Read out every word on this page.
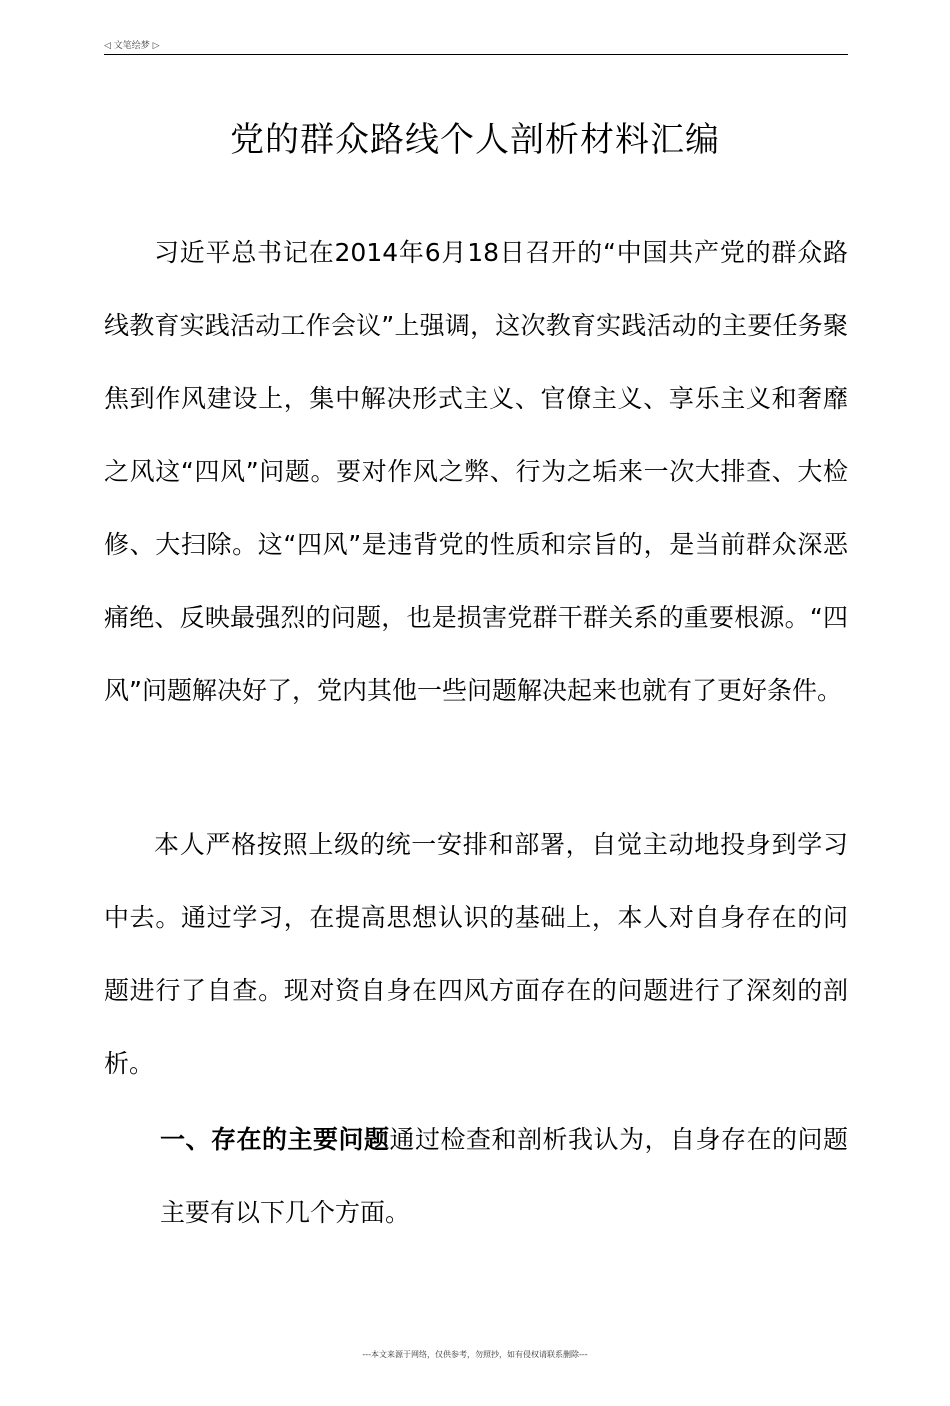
◁ 文笔绘梦 ▷
党的群众路线个人剖析材料汇编

习近平总书记在2014年6月18日召开的“中国共产党的群众路线教育实践活动工作会议”上强调，这次教育实践活动的主要任务聚焦到作风建设上，集中解决形式主义、官僚主义、享乐主义和奢靡之风这“四风”问题。要对作风之弊、行为之垢来一次大排查、大检修、大扫除。这“四风”是违背党的性质和宗旨的，是当前群众深恶痛绝、反映最强烈的问题，也是损害党群干群关系的重要根源。“四风”问题解决好了，党内其他一些问题解决起来也就有了更好条件。

本人严格按照上级的统一安排和部署，自觉主动地投身到学习中去。通过学习，在提高思想认识的基础上，本人对自身存在的问题进行了自查。现对资自身在四风方面存在的问题进行了深刻的剖析。

一、存在的主要问题通过检查和剖析我认为，自身存在的问题主要有以下几个方面。

---本文来源于网络，仅供参考，勿照抄，如有侵权请联系删除---
